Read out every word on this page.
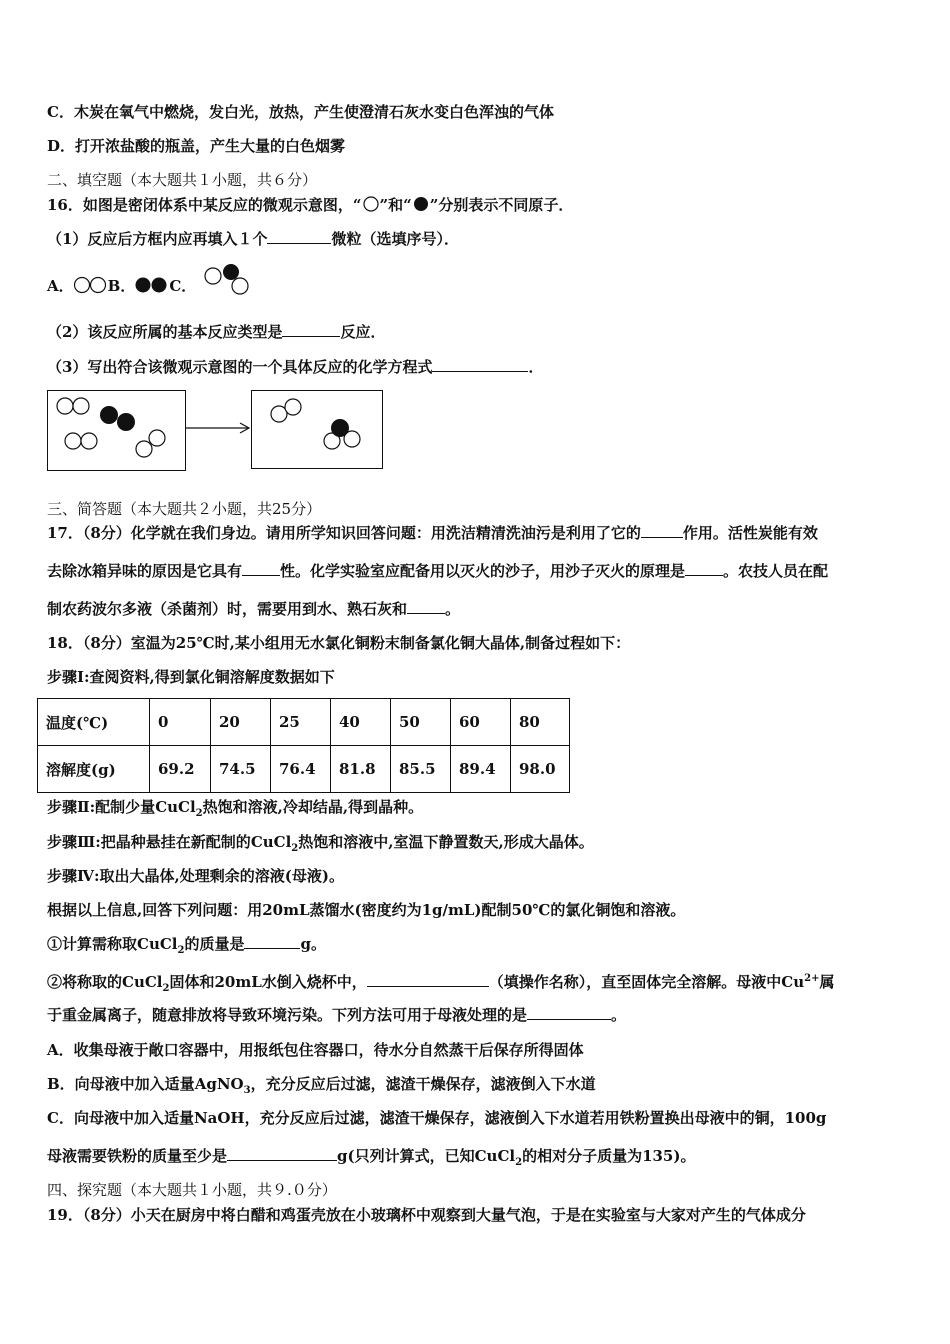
C．木炭在氧气中燃烧，发白光，放热，产生使澄清石灰水变白色浑浊的气体
D．打开浓盐酸的瓶盖，产生大量的白色烟雾
二、填空题（本大题共１小题，共６分）
16．如图是密闭体系中某反应的微观示意图，“ ”和“ ”分别表示不同原子．
（1）反应后方框内应再填入１个	微粒（选填序号）．
A． B． C．
（2）该反应所属的基本反应类型是	反应．
（3）写出符合该微观示意图的一个具体反应的化学方程式	．
三、简答题（本大题共２小题，共25分）
17．（8分）化学就在我们身边。请用所学知识回答问题：用洗洁精清洗油污是利用了它的	作用。活性炭能有效
去除冰箱异味的原因是它具有	性。化学实验室应配备用以灭火的沙子，用沙子灭火的原理是	。农技人员在配
制农药波尔多液（杀菌剂）时，需要用到水、熟石灰和	。
18．（8分）室温为25℃时,某小组用无水氯化铜粉末制备氯化铜大晶体,制备过程如下：
步骤Ⅰ:查阅资料,得到氯化铜溶解度数据如下
温度(℃)	0	20	25	40	50	60	80
溶解度(g)	69.2	74.5	76.4	81.8	85.5	89.4	98.0
步骤Ⅱ:配制少量CuCl$_2$热饱和溶液,冷却结晶,得到晶种。
步骤Ⅲ:把晶种悬挂在新配制的CuCl$_2$热饱和溶液中,室温下静置数天,形成大晶体。
步骤Ⅳ:取出大晶体,处理剩余的溶液(母液)。
根据以上信息,回答下列问题：用20mL蒸馏水(密度约为1g/mL)配制50℃的氯化铜饱和溶液。
①计算需称取CuCl$_2$的质量是	g。
②将称取的CuCl$_2$固体和20mL水倒入烧杯中，	（填操作名称），直至固体完全溶解。母液中$Cu^{2+}$属
于重金属离子，随意排放将导致环境污染。下列方法可用于母液处理的是	。
A．收集母液于敞口容器中，用报纸包住容器口，待水分自然蒸干后保存所得固体
B．向母液中加入适量AgNO$_3$，充分反应后过滤，滤渣干燥保存，滤液倒入下水道
C．向母液中加入适量NaOH，充分反应后过滤，滤渣干燥保存，滤液倒入下水道若用铁粉置换出母液中的铜，100g
母液需要铁粉的质量至少是	g(只列计算式，已知CuCl$_2$的相对分子质量为135)。
四、探究题（本大题共１小题，共９.０分）
19．（8分）小天在厨房中将白醋和鸡蛋壳放在小玻璃杯中观察到大量气泡，于是在实验室与大家对产生的气体成分
